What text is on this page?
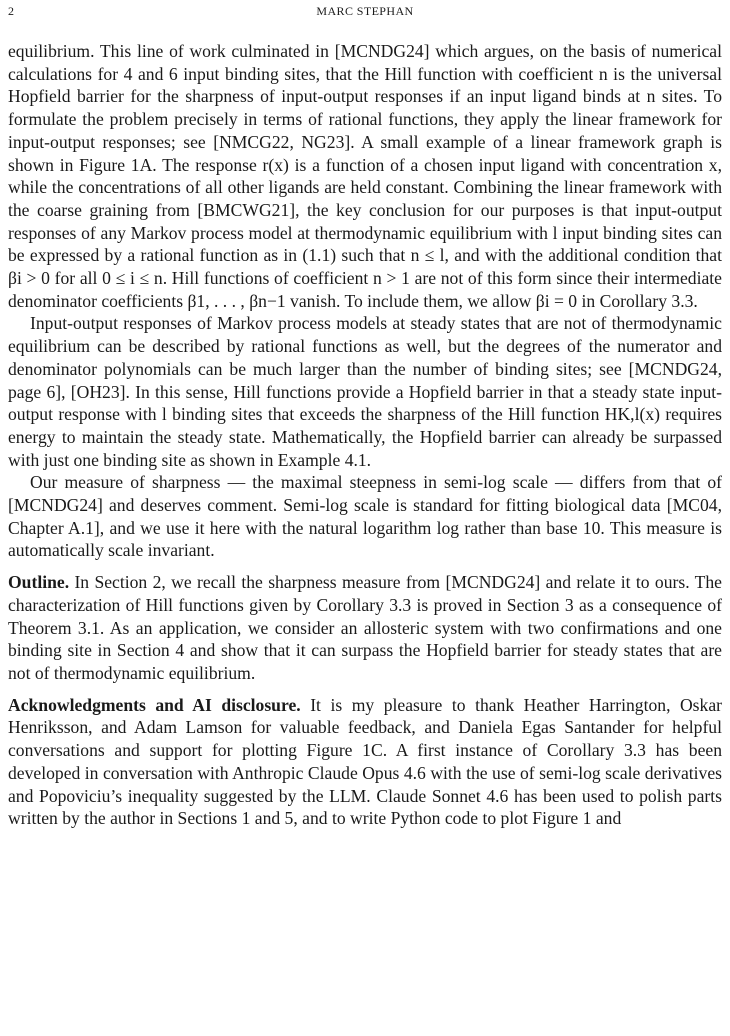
2	MARC STEPHAN

equilibrium. This line of work culminated in [MCNDG24] which argues, on the basis of numerical calculations for 4 and 6 input binding sites, that the Hill function with coefficient n is the universal Hopfield barrier for the sharpness of input-output responses if an input ligand binds at n sites. To formulate the problem precisely in terms of rational functions, they apply the linear framework for input-output responses; see [NMCG22, NG23]. A small example of a linear framework graph is shown in Figure 1A. The response r(x) is a function of a chosen input ligand with concentration x, while the concentrations of all other ligands are held constant. Combining the linear framework with the coarse graining from [BMCWG21], the key conclusion for our purposes is that input-output responses of any Markov process model at thermodynamic equilibrium with l input binding sites can be expressed by a rational function as in (1.1) such that n ≤ l, and with the additional condition that βi > 0 for all 0 ≤ i ≤ n. Hill functions of coefficient n > 1 are not of this form since their intermediate denominator coefficients β1, . . . , βn−1 vanish. To include them, we allow βi = 0 in Corollary 3.3.

Input-output responses of Markov process models at steady states that are not of thermodynamic equilibrium can be described by rational functions as well, but the degrees of the numerator and denominator polynomials can be much larger than the number of binding sites; see [MCNDG24, page 6], [OH23]. In this sense, Hill functions provide a Hopfield barrier in that a steady state input-output response with l binding sites that exceeds the sharpness of the Hill function HK,l(x) requires energy to maintain the steady state. Mathematically, the Hopfield barrier can already be surpassed with just one binding site as shown in Example 4.1.

Our measure of sharpness — the maximal steepness in semi-log scale — differs from that of [MCNDG24] and deserves comment. Semi-log scale is standard for fitting biological data [MC04, Chapter A.1], and we use it here with the natural logarithm log rather than base 10. This measure is automatically scale invariant.

Outline. In Section 2, we recall the sharpness measure from [MCNDG24] and relate it to ours. The characterization of Hill functions given by Corollary 3.3 is proved in Section 3 as a consequence of Theorem 3.1. As an application, we consider an allosteric system with two confirmations and one binding site in Section 4 and show that it can surpass the Hopfield barrier for steady states that are not of thermodynamic equilibrium.

Acknowledgments and AI disclosure. It is my pleasure to thank Heather Harrington, Oskar Henriksson, and Adam Lamson for valuable feedback, and Daniela Egas Santander for helpful conversations and support for plotting Figure 1C. A first instance of Corollary 3.3 has been developed in conversation with Anthropic Claude Opus 4.6 with the use of semi-log scale derivatives and Popoviciu’s inequality suggested by the LLM. Claude Sonnet 4.6 has been used to polish parts written by the author in Sections 1 and 5, and to write Python code to plot Figure 1 and
